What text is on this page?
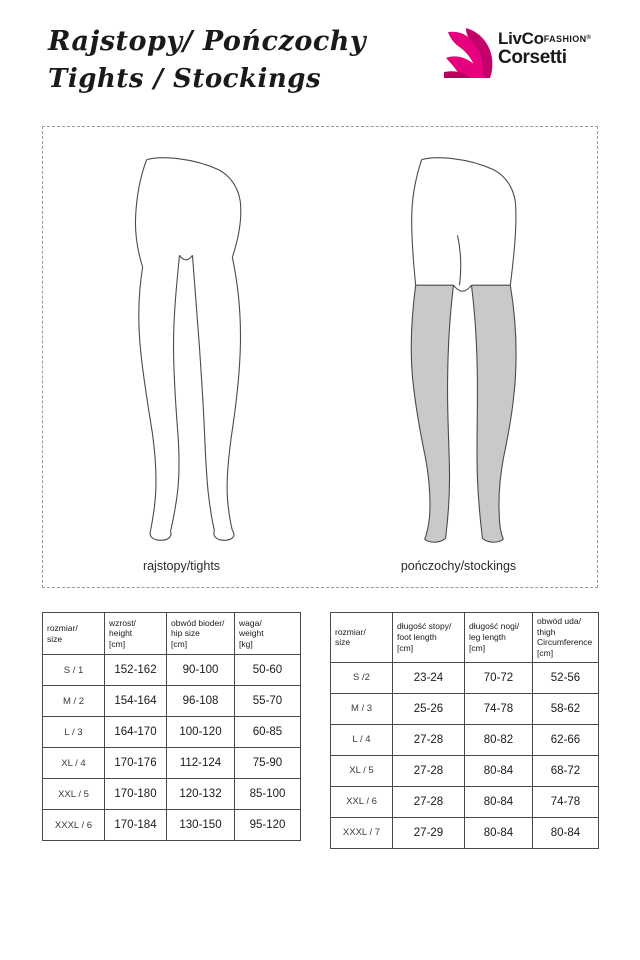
Rajstopy/ Pończochy
Tights / Stockings
LivCoFASHION®
Corsetti
rajstopy/tights	pończochy/stockings
rozmiar/
size	wzrost/
height
[cm]	obwód bioder/
hip size
[cm]	waga/
weight
[kg]

S / 1	152-162	90-100	50-60
M / 2	154-164	96-108	55-70
L / 3	164-170	100-120	60-85
XL / 4	170-176	112-124	75-90
XXL / 5	170-180	120-132	85-100
XXXL / 6	170-184	130-150	95-120
rozmiar/
size	długość stopy/
foot length
[cm]	długość nogi/
leg length
[cm]	obwód uda/
thigh
Circumference [cm]

S /2	23-24	70-72	52-56
M / 3	25-26	74-78	58-62
L / 4	27-28	80-82	62-66
XL / 5	27-28	80-84	68-72
XXL / 6	27-28	80-84	74-78
XXXL / 7	27-29	80-84	80-84
